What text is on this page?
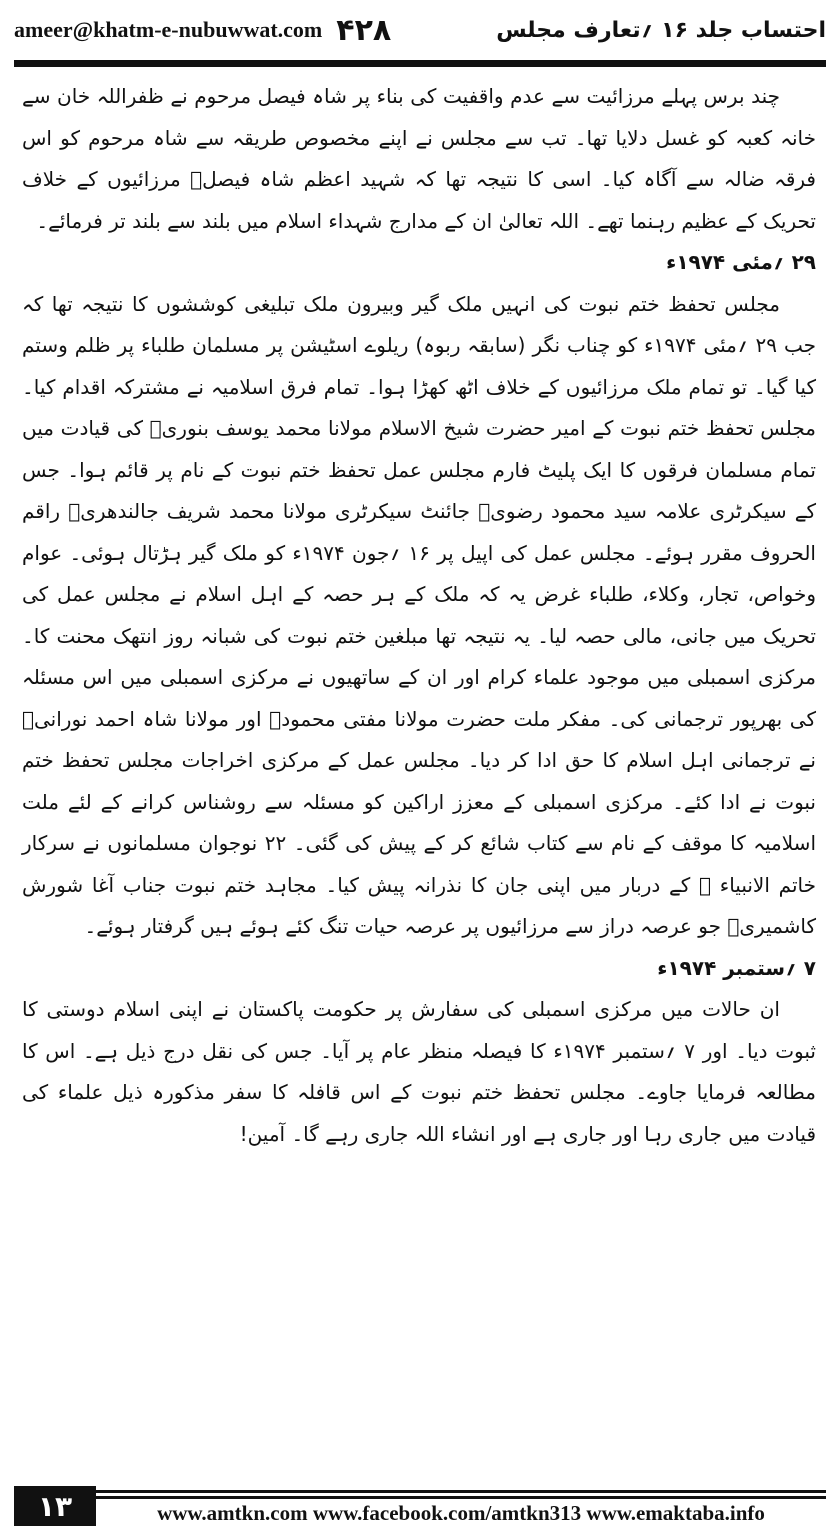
ameer@khatm-e-nubuwwat.com ۴۲۸	احتساب جلد ۱۶ ؍تعارف مجلس

چند برس پہلے مرزائیت سے عدم واقفیت کی بناء پر شاہ فیصل مرحوم نے ظفراللہ خان سے خانہ کعبہ کو غسل دلایا تھا۔ تب سے مجلس نے اپنے مخصوص طریقہ سے شاہ مرحوم کو اس فرقہ ضالہ سے آگاہ کیا۔ اسی کا نتیجہ تھا کہ شہید اعظم شاہ فیصلؒ مرزائیوں کے خلاف تحریک کے عظیم رہنما تھے۔ اللہ تعالیٰ ان کے مدارج شہداء اسلام میں بلند سے بلند تر فرمائے۔

۲۹ ؍مئی ۱۹۷۴ء

مجلس تحفظ ختم نبوت کی انہیں ملک گیر وبیرون ملک تبلیغی کوششوں کا نتیجہ تھا کہ جب ۲۹ ؍مئی ۱۹۷۴ء کو چناب نگر (سابقہ ربوہ) ریلوے اسٹیشن پر مسلمان طلباء پر ظلم وستم کیا گیا۔ تو تمام ملک مرزائیوں کے خلاف اٹھ کھڑا ہوا۔ تمام فرق اسلامیہ نے مشترکہ اقدام کیا۔ مجلس تحفظ ختم نبوت کے امیر حضرت شیخ الاسلام مولانا محمد یوسف بنوریؒ کی قیادت میں تمام مسلمان فرقوں کا ایک پلیٹ فارم مجلس عمل تحفظ ختم نبوت کے نام پر قائم ہوا۔ جس کے سیکرٹری علامہ سید محمود رضویؒ جائنٹ سیکرٹری مولانا محمد شریف جالندھریؒ راقم الحروف مقرر ہوئے۔ مجلس عمل کی اپیل پر ۱۶ ؍جون ۱۹۷۴ء کو ملک گیر ہڑتال ہوئی۔ عوام وخواص، تجار، وکلاء، طلباء غرض یہ کہ ملک کے ہر حصہ کے اہل اسلام نے مجلس عمل کی تحریک میں جانی، مالی حصہ لیا۔ یہ نتیجہ تھا مبلغین ختم نبوت کی شبانہ روز انتھک محنت کا۔ مرکزی اسمبلی میں موجود علماء کرام اور ان کے ساتھیوں نے مرکزی اسمبلی میں اس مسئلہ کی بھرپور ترجمانی کی۔ مفکر ملت حضرت مولانا مفتی محمودؒ اور مولانا شاہ احمد نورانیؒ نے ترجمانی اہل اسلام کا حق ادا کر دیا۔ مجلس عمل کے مرکزی اخراجات مجلس تحفظ ختم نبوت نے ادا کئے۔ مرکزی اسمبلی کے معزز اراکین کو مسئلہ سے روشناس کرانے کے لئے ملت اسلامیہ کا موقف کے نام سے کتاب شائع کر کے پیش کی گئی۔ ۲۲ نوجوان مسلمانوں نے سرکار خاتم الانبیاء ﷺ کے دربار میں اپنی جان کا نذرانہ پیش کیا۔ مجاہد ختم نبوت جناب آغا شورش کاشمیریؒ جو عرصہ دراز سے مرزائیوں پر عرصہ حیات تنگ کئے ہوئے ہیں گرفتار ہوئے۔

۷ ؍ستمبر ۱۹۷۴ء

ان حالات میں مرکزی اسمبلی کی سفارش پر حکومت پاکستان نے اپنی اسلام دوستی کا ثبوت دیا۔ اور ۷ ؍ستمبر ۱۹۷۴ء کا فیصلہ منظر عام پر آیا۔ جس کی نقل درج ذیل ہے۔ اس کا مطالعہ فرمایا جاوے۔ مجلس تحفظ ختم نبوت کے اس قافلہ کا سفر مذکورہ ذیل علماء کی قیادت میں جاری رہا اور جاری ہے اور انشاء اللہ جاری رہے گا۔ آمین!

۱۳	www.amtkn.com www.facebook.com/amtkn313 www.emaktaba.info
